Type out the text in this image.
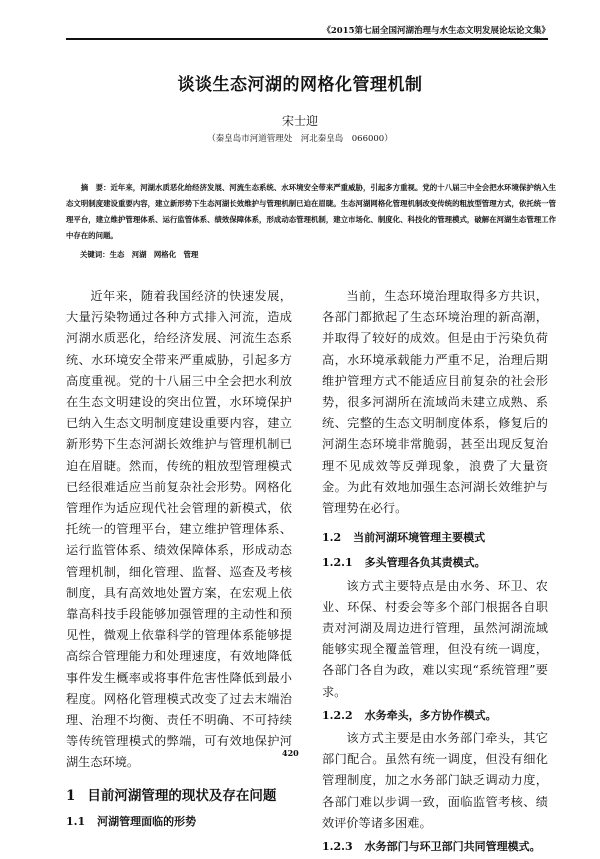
《2015第七届全国河湖治理与水生态文明发展论坛论文集》
谈谈生态河湖的网格化管理机制
宋士迎
（秦皇岛市河道管理处　河北秦皇岛　066000）
摘　要：近年来，河湖水质恶化给经济发展、河流生态系统、水环境安全带来严重威胁，引起多方重视。党的十八届三中全会把水环境保护纳入生态文明制度建设重要内容，建立新形势下生态河湖长效维护与管理机制已迫在眉睫。生态河湖网格化管理机制改变传统的粗放型管理方式，依托统一管理平台，建立维护管理体系、运行监管体系、绩效保障体系，形成动态管理机制，建立市场化、制度化、科技化的管理模式，破解在河湖生态管理工作中存在的问题。
关键词：生态　河湖　网格化　管理

近年来，随着我国经济的快速发展，大量污染物通过各种方式排入河流，造成河湖水质恶化，给经济发展、河流生态系统、水环境安全带来严重威胁，引起多方高度重视。党的十八届三中全会把水利放在生态文明建设的突出位置，水环境保护已纳入生态文明制度建设重要内容，建立新形势下生态河湖长效维护与管理机制已迫在眉睫。然而，传统的粗放型管理模式已经很难适应当前复杂社会形势。网格化管理作为适应现代社会管理的新模式，依托统一的管理平台，建立维护管理体系、运行监管体系、绩效保障体系，形成动态管理机制，细化管理、监督、巡查及考核制度，具有高效地处置方案，在宏观上依靠高科技手段能够加强管理的主动性和预见性，微观上依靠科学的管理体系能够提高综合管理能力和处理速度，有效地降低事件发生概率或将事件危害性降低到最小程度。网格化管理模式改变了过去末端治理、治理不均衡、责任不明确、不可持续等传统管理模式的弊端，可有效地保护河湖生态环境。

1 目前河湖管理的现状及存在问题
1.1 河湖管理面临的形势

当前，生态环境治理取得多方共识，各部门都掀起了生态环境治理的新高潮，并取得了较好的成效。但是由于污染负荷高，水环境承载能力严重不足，治理后期维护管理方式不能适应目前复杂的社会形势，很多河湖所在流域尚未建立成熟、系统、完整的生态文明制度体系，修复后的河湖生态环境非常脆弱，甚至出现反复治理不见成效等反弹现象，浪费了大量资金。为此有效地加强生态河湖长效维护与管理势在必行。

1.2 当前河湖环境管理主要模式
1.2.1 多头管理各负其责模式。

该方式主要特点是由水务、环卫、农业、环保、村委会等多个部门根据各自职责对河湖及周边进行管理，虽然河湖流域能够实现全覆盖管理，但没有统一调度，各部门各自为政，难以实现“系统管理”要求。

1.2.2 水务牵头，多方协作模式。

该方式主要是由水务部门牵头，其它部门配合。虽然有统一调度，但没有细化管理制度，加之水务部门缺乏调动力度，各部门难以步调一致，面临监管考核、绩效评价等诸多困难。

1.2.3 水务部门与环卫部门共同管理模式。
420
